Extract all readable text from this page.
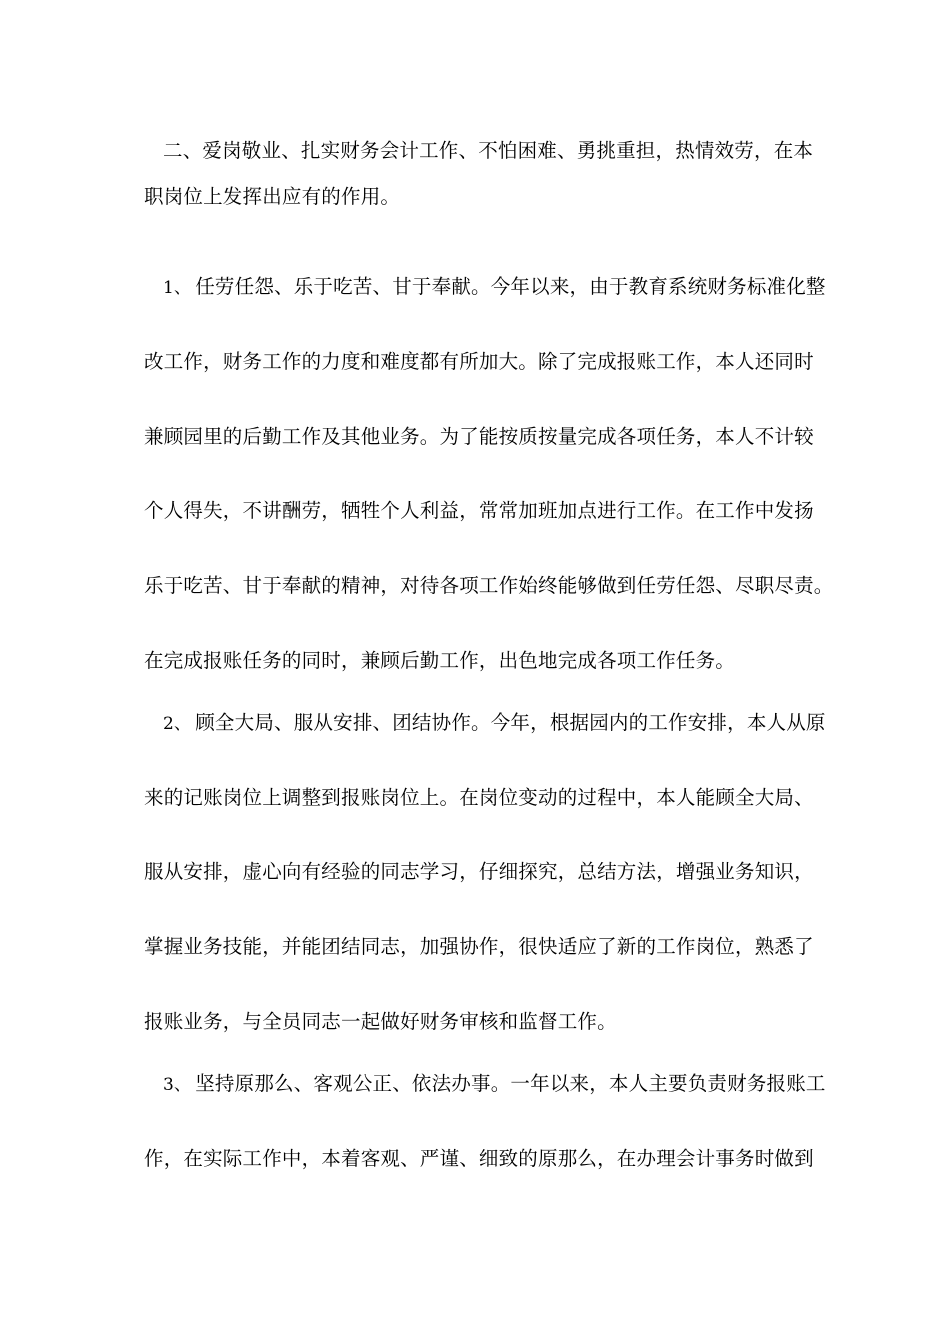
二、爱岗敬业、扎实财务会计工作、不怕困难、勇挑重担，热情效劳，在本
职岗位上发挥出应有的作用。
1、 任劳任怨、乐于吃苦、甘于奉献。今年以来，由于教育系统财务标准化整
改工作，财务工作的力度和难度都有所加大。除了完成报账工作，本人还同时
兼顾园里的后勤工作及其他业务。为了能按质按量完成各项任务，本人不计较
个人得失，不讲酬劳，牺牲个人利益，常常加班加点进行工作。在工作中发扬
乐于吃苦、甘于奉献的精神，对待各项工作始终能够做到任劳任怨、尽职尽责。
在完成报账任务的同时，兼顾后勤工作，出色地完成各项工作任务。
2、 顾全大局、服从安排、团结协作。今年，根据园内的工作安排，本人从原
来的记账岗位上调整到报账岗位上。在岗位变动的过程中，本人能顾全大局、
服从安排，虚心向有经验的同志学习，仔细探究，总结方法，增强业务知识，
掌握业务技能，并能团结同志，加强协作，很快适应了新的工作岗位，熟悉了
报账业务，与全员同志一起做好财务审核和监督工作。
3、 坚持原那么、客观公正、依法办事。一年以来，本人主要负责财务报账工
作，在实际工作中，本着客观、严谨、细致的原那么，在办理会计事务时做到
